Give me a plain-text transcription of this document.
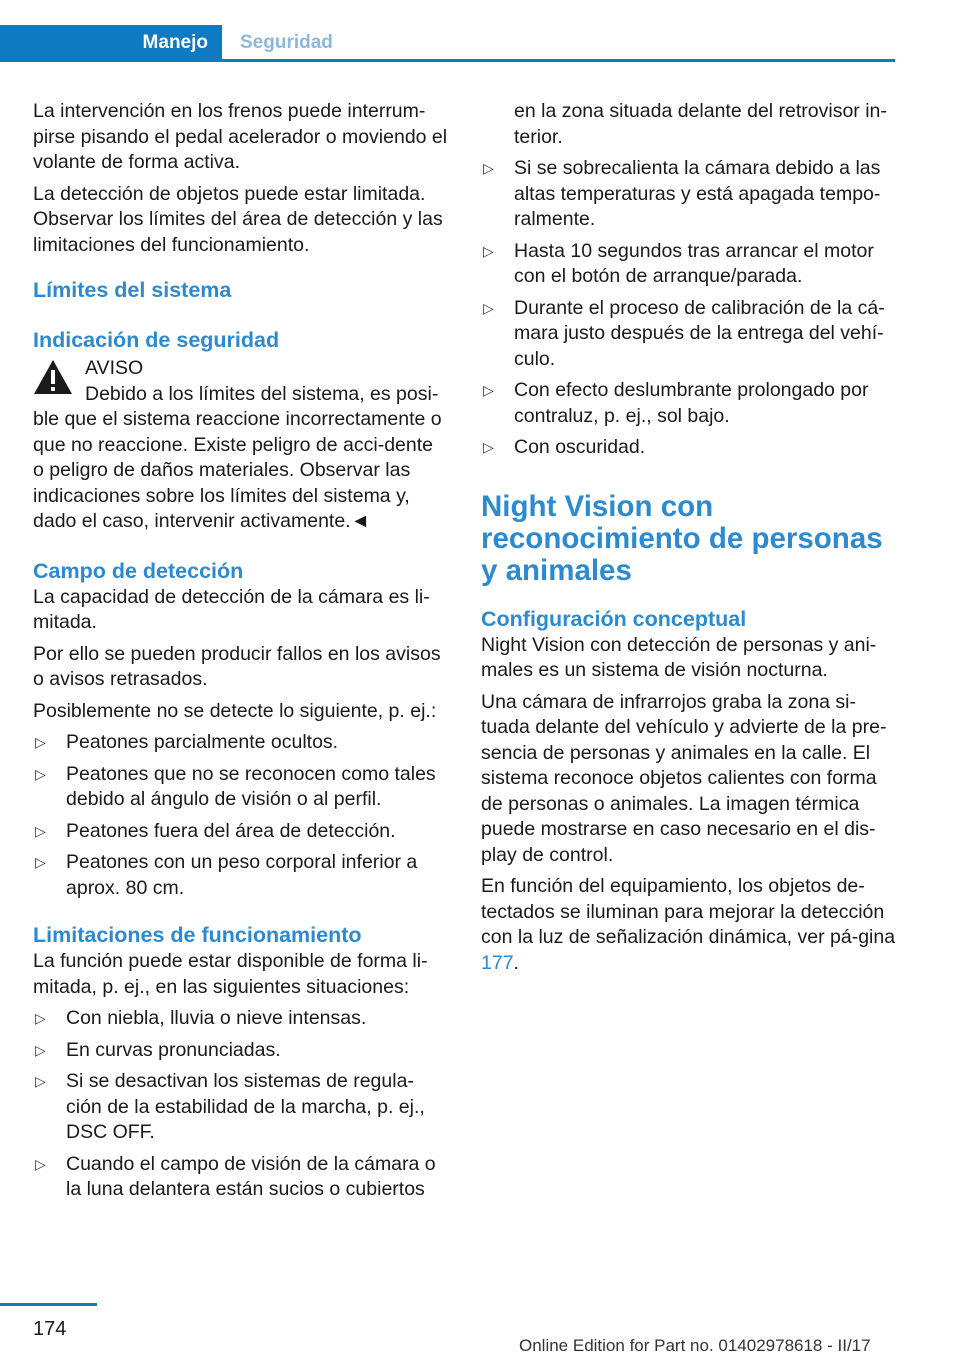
Manejo Seguridad

La intervención en los frenos puede interrum-pirse pisando el pedal acelerador o moviendo el volante de forma activa.

La detección de objetos puede estar limitada. Observar los límites del área de detección y las limitaciones del funcionamiento.

Límites del sistema
Indicación de seguridad
AVISO

Debido a los límites del sistema, es posi-ble que el sistema reaccione incorrectamente o que no reaccione. Existe peligro de acci-dente o peligro de daños materiales. Observar las indicaciones sobre los límites del sistema y, dado el caso, intervenir activamente.◄

Campo de detección

La capacidad de detección de la cámara es li-mitada.

Por ello se pueden producir fallos en los avisos o avisos retrasados.

Posiblemente no se detecte lo siguiente, p. ej.:

▷ Peatones parcialmente ocultos.
▷ Peatones que no se reconocen como tales debido al ángulo de visión o al perfil.
▷ Peatones fuera del área de detección.
▷ Peatones con un peso corporal inferior a aprox. 80 cm.
Limitaciones de funcionamiento

La función puede estar disponible de forma li-mitada, p. ej., en las siguientes situaciones:

▷ Con niebla, lluvia o nieve intensas.
▷ En curvas pronunciadas.
▷ Si se desactivan los sistemas de regula-ción de la estabilidad de la marcha, p. ej., DSC OFF.
▷ Cuando el campo de visión de la cámara o la luna delantera están sucios o cubiertos

en la zona situada delante del retrovisor in-terior.

▷ Si se sobrecalienta la cámara debido a las altas temperaturas y está apagada tempo-ralmente.
▷ Hasta 10 segundos tras arrancar el motor con el botón de arranque/parada.
▷ Durante el proceso de calibración de la cá-mara justo después de la entrega del vehí-culo.
▷ Con efecto deslumbrante prolongado por contraluz, p. ej., sol bajo.
▷ Con oscuridad.
Night Vision con reconocimiento de personas y animales
Configuración conceptual

Night Vision con detección de personas y ani-males es un sistema de visión nocturna.

Una cámara de infrarrojos graba la zona si-tuada delante del vehículo y advierte de la pre-sencia de personas y animales en la calle. El sistema reconoce objetos calientes con forma de personas o animales. La imagen térmica puede mostrarse en caso necesario en el dis-play de control.

En función del equipamiento, los objetos de-tectados se iluminan para mejorar la detección con la luz de señalización dinámica, ver pá-gina 177.

174
Online Edition for Part no. 01402978618 - II/17
